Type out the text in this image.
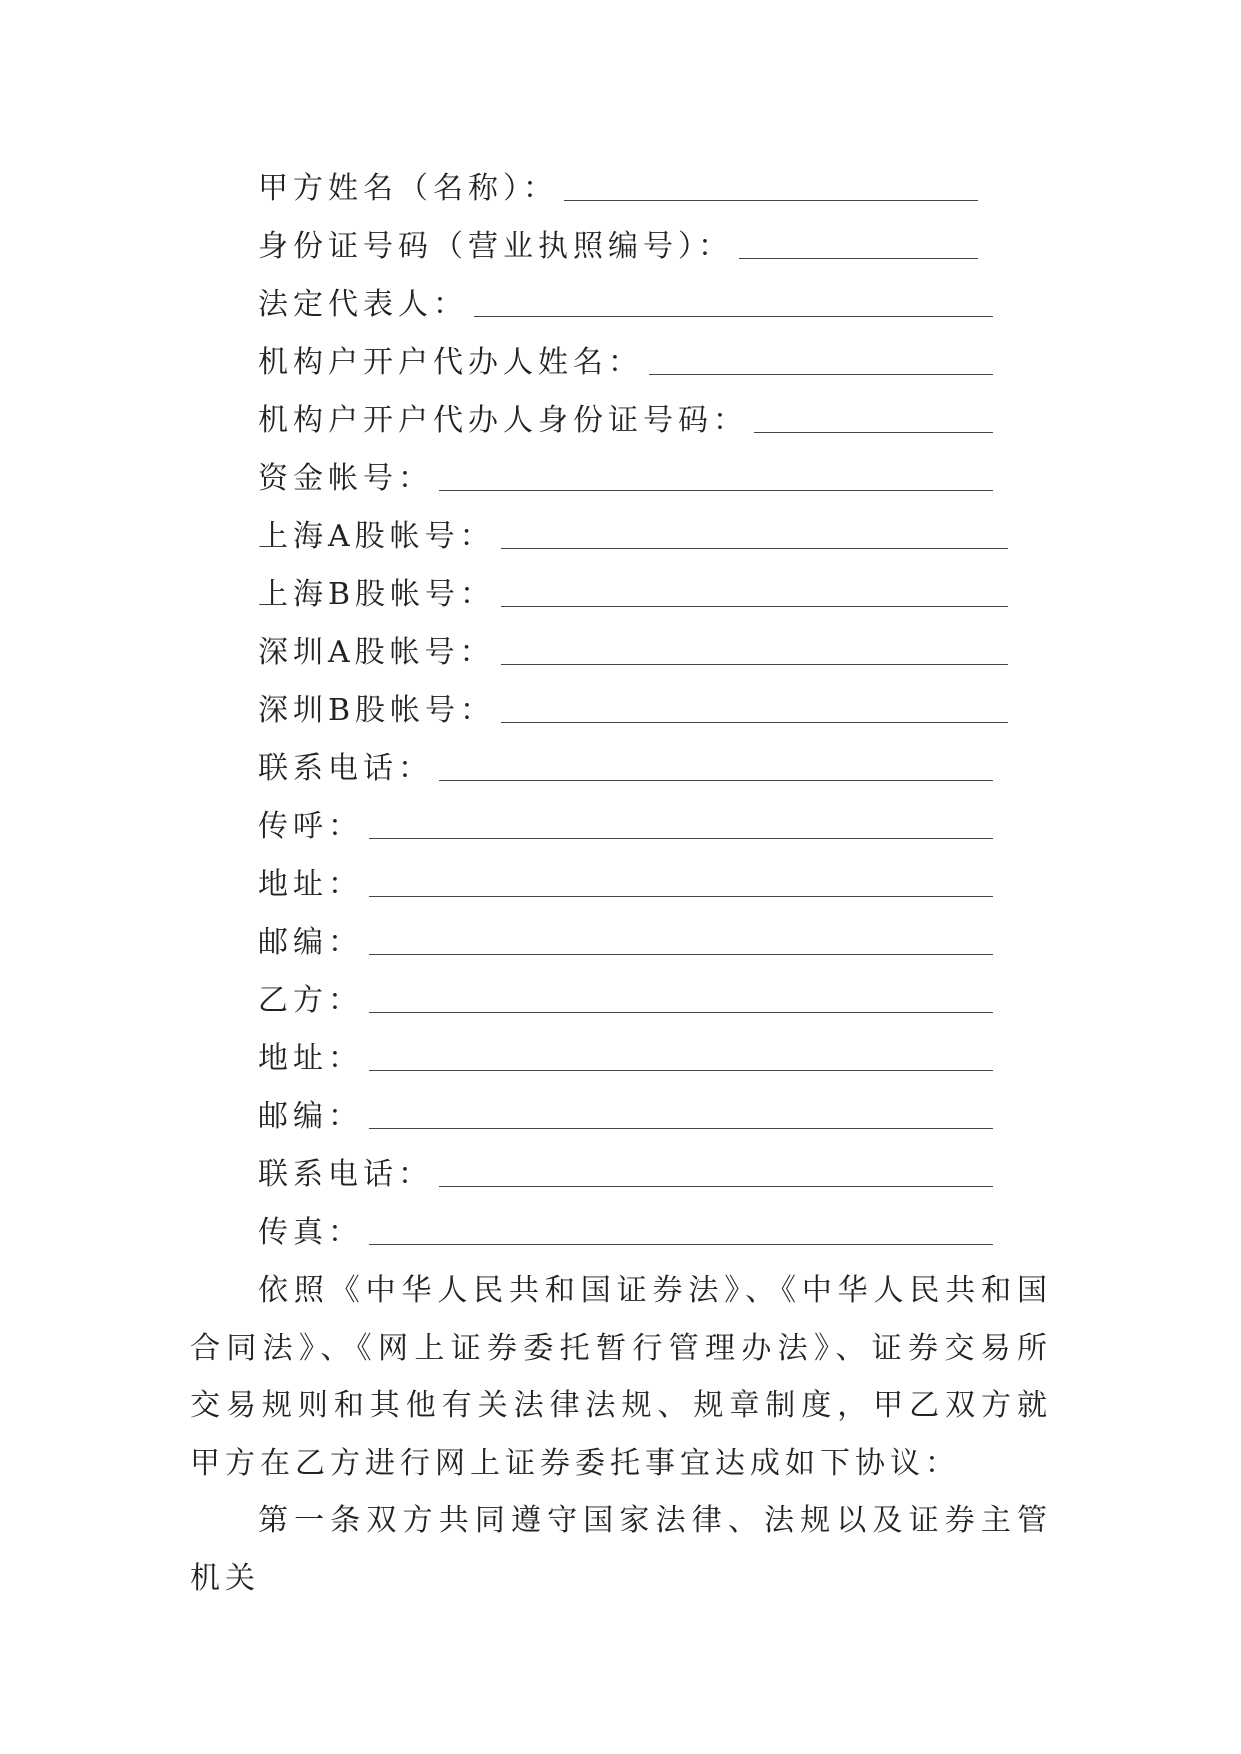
甲方姓名（名称）：
身份证号码（营业执照编号）：
法定代表人：
机构户开户代办人姓名：
机构户开户代办人身份证号码：
资金帐号：
上海A股帐号：
上海B股帐号：
深圳A股帐号：
深圳B股帐号：
联系电话：
传呼：
地址：
邮编：
乙方：
地址：
邮编：
联系电话：
传真：

依照《中华人民共和国证券法》、《中华人民共和国合同法》、《网上证券委托暂行管理办法》、证券交易所交易规则和其他有关法律法规、规章制度，甲乙双方就甲方在乙方进行网上证券委托事宜达成如下协议：

第一条双方共同遵守国家法律、法规以及证券主管机关
